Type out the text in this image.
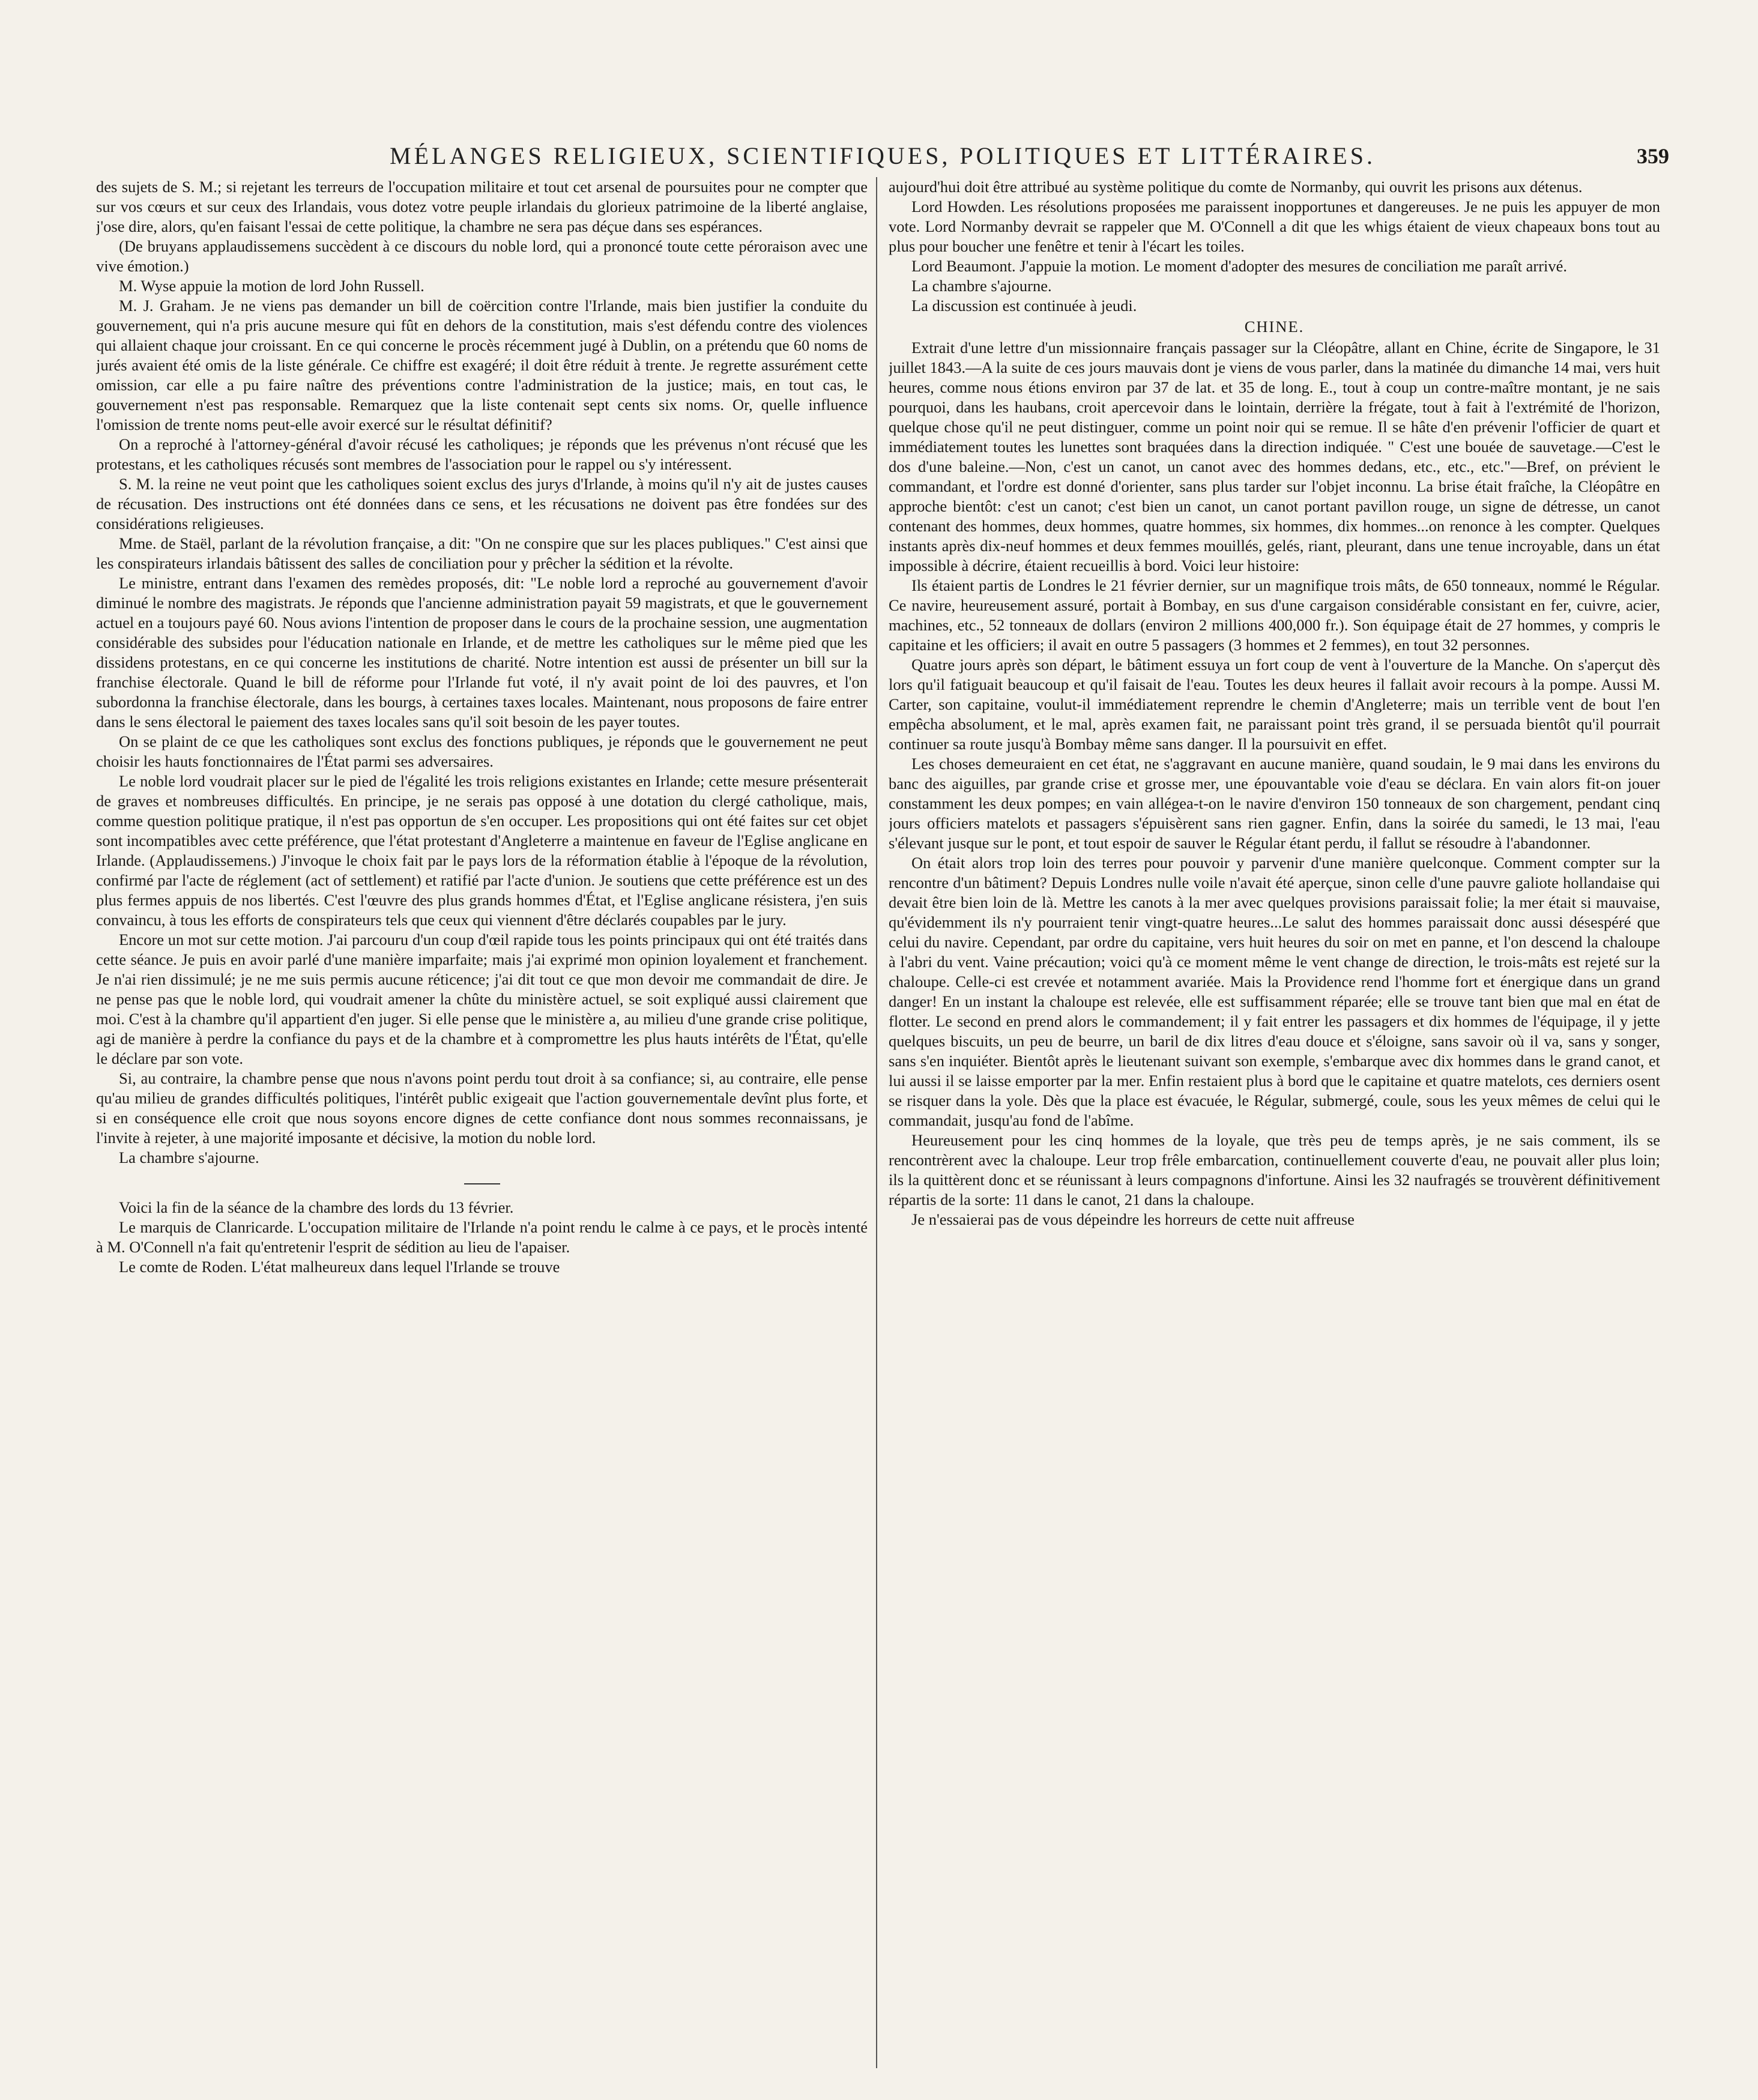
MÉLANGES RELIGIEUX, SCIENTIFIQUES, POLITIQUES ET LITTÉRAIRES.	359

des sujets de S. M.; si rejetant les terreurs de l'occupation militaire et tout cet arsenal de poursuites pour ne compter que sur vos cœurs et sur ceux des Irlandais, vous dotez votre peuple irlandais du glorieux patrimoine de la liberté anglaise, j'ose dire, alors, qu'en faisant l'essai de cette politique, la chambre ne sera pas déçue dans ses espérances.

(De bruyans applaudissemens succèdent à ce discours du noble lord, qui a prononcé toute cette péroraison avec une vive émotion.)

M. Wyse appuie la motion de lord John Russell.

M. J. Graham. Je ne viens pas demander un bill de coërcition contre l'Irlande, mais bien justifier la conduite du gouvernement, qui n'a pris aucune mesure qui fût en dehors de la constitution, mais s'est défendu contre des violences qui allaient chaque jour croissant. En ce qui concerne le procès récemment jugé à Dublin, on a prétendu que 60 noms de jurés avaient été omis de la liste générale. Ce chiffre est exagéré; il doit être réduit à trente. Je regrette assurément cette omission, car elle a pu faire naître des préventions contre l'administration de la justice; mais, en tout cas, le gouvernement n'est pas responsable. Remarquez que la liste contenait sept cents six noms. Or, quelle influence l'omission de trente noms peut-elle avoir exercé sur le résultat définitif?

On a reproché à l'attorney-général d'avoir récusé les catholiques; je réponds que les prévenus n'ont récusé que les protestans, et les catholiques récusés sont membres de l'association pour le rappel ou s'y intéressent.

S. M. la reine ne veut point que les catholiques soient exclus des jurys d'Irlande, à moins qu'il n'y ait de justes causes de récusation. Des instructions ont été données dans ce sens, et les récusations ne doivent pas être fondées sur des considérations religieuses.

Mme. de Staël, parlant de la révolution française, a dit: "On ne conspire que sur les places publiques." C'est ainsi que les conspirateurs irlandais bâtissent des salles de conciliation pour y prêcher la sédition et la révolte.

Le ministre, entrant dans l'examen des remèdes proposés, dit: "Le noble lord a reproché au gouvernement d'avoir diminué le nombre des magistrats. Je réponds que l'ancienne administration payait 59 magistrats, et que le gouvernement actuel en a toujours payé 60. Nous avions l'intention de proposer dans le cours de la prochaine session, une augmentation considérable des subsides pour l'éducation nationale en Irlande, et de mettre les catholiques sur le même pied que les dissidens protestans, en ce qui concerne les institutions de charité. Notre intention est aussi de présenter un bill sur la franchise électorale. Quand le bill de réforme pour l'Irlande fut voté, il n'y avait point de loi des pauvres, et l'on subordonna la franchise électorale, dans les bourgs, à certaines taxes locales. Maintenant, nous proposons de faire entrer dans le sens électoral le paiement des taxes locales sans qu'il soit besoin de les payer toutes.

On se plaint de ce que les catholiques sont exclus des fonctions publiques, je réponds que le gouvernement ne peut choisir les hauts fonctionnaires de l'État parmi ses adversaires.

Le noble lord voudrait placer sur le pied de l'égalité les trois religions existantes en Irlande; cette mesure présenterait de graves et nombreuses difficultés. En principe, je ne serais pas opposé à une dotation du clergé catholique, mais, comme question politique pratique, il n'est pas opportun de s'en occuper. Les propositions qui ont été faites sur cet objet sont incompatibles avec cette préférence, que l'état protestant d'Angleterre a maintenue en faveur de l'Eglise anglicane en Irlande. (Applaudissemens.) J'invoque le choix fait par le pays lors de la réformation établie à l'époque de la révolution, confirmé par l'acte de réglement (act of settlement) et ratifié par l'acte d'union. Je soutiens que cette préférence est un des plus fermes appuis de nos libertés. C'est l'œuvre des plus grands hommes d'État, et l'Eglise anglicane résistera, j'en suis convaincu, à tous les efforts de conspirateurs tels que ceux qui viennent d'être déclarés coupables par le jury.

Encore un mot sur cette motion. J'ai parcouru d'un coup d'œil rapide tous les points principaux qui ont été traités dans cette séance. Je puis en avoir parlé d'une manière imparfaite; mais j'ai exprimé mon opinion loyalement et franchement. Je n'ai rien dissimulé; je ne me suis permis aucune réticence; j'ai dit tout ce que mon devoir me commandait de dire. Je ne pense pas que le noble lord, qui voudrait amener la chûte du ministère actuel, se soit expliqué aussi clairement que moi. C'est à la chambre qu'il appartient d'en juger. Si elle pense que le ministère a, au milieu d'une grande crise politique, agi de manière à perdre la confiance du pays et de la chambre et à compromettre les plus hauts intérêts de l'État, qu'elle le déclare par son vote.

Si, au contraire, la chambre pense que nous n'avons point perdu tout droit à sa confiance; si, au contraire, elle pense qu'au milieu de grandes difficultés politiques, l'intérêt public exigeait que l'action gouvernementale devînt plus forte, et si en conséquence elle croit que nous soyons encore dignes de cette confiance dont nous sommes reconnaissans, je l'invite à rejeter, à une majorité imposante et décisive, la motion du noble lord.

La chambre s'ajourne.

Voici la fin de la séance de la chambre des lords du 13 février.

Le marquis de Clanricarde. L'occupation militaire de l'Irlande n'a point rendu le calme à ce pays, et le procès intenté à M. O'Connell n'a fait qu'entretenir l'esprit de sédition au lieu de l'apaiser.

Le comte de Roden. L'état malheureux dans lequel l'Irlande se trouve

aujourd'hui doit être attribué au système politique du comte de Normanby, qui ouvrit les prisons aux détenus.

Lord Howden. Les résolutions proposées me paraissent inopportunes et dangereuses. Je ne puis les appuyer de mon vote. Lord Normanby devrait se rappeler que M. O'Connell a dit que les whigs étaient de vieux chapeaux bons tout au plus pour boucher une fenêtre et tenir à l'écart les toiles.

Lord Beaumont. J'appuie la motion. Le moment d'adopter des mesures de conciliation me paraît arrivé.

La chambre s'ajourne.

La discussion est continuée à jeudi.

CHINE.

Extrait d'une lettre d'un missionnaire français passager sur la Cléopâtre, allant en Chine, écrite de Singapore, le 31 juillet 1843.—A la suite de ces jours mauvais dont je viens de vous parler, dans la matinée du dimanche 14 mai, vers huit heures, comme nous étions environ par 37 de lat. et 35 de long. E., tout à coup un contre-maître montant, je ne sais pourquoi, dans les haubans, croit apercevoir dans le lointain, derrière la frégate, tout à fait à l'extrémité de l'horizon, quelque chose qu'il ne peut distinguer, comme un point noir qui se remue. Il se hâte d'en prévenir l'officier de quart et immédiatement toutes les lunettes sont braquées dans la direction indiquée. " C'est une bouée de sauvetage.—C'est le dos d'une baleine.—Non, c'est un canot, un canot avec des hommes dedans, etc., etc., etc."—Bref, on prévient le commandant, et l'ordre est donné d'orienter, sans plus tarder sur l'objet inconnu. La brise était fraîche, la Cléopâtre en approche bientôt: c'est un canot; c'est bien un canot, un canot portant pavillon rouge, un signe de détresse, un canot contenant des hommes, deux hommes, quatre hommes, six hommes, dix hommes...on renonce à les compter. Quelques instants après dix-neuf hommes et deux femmes mouillés, gelés, riant, pleurant, dans une tenue incroyable, dans un état impossible à décrire, étaient recueillis à bord. Voici leur histoire:

Ils étaient partis de Londres le 21 février dernier, sur un magnifique trois mâts, de 650 tonneaux, nommé le Régular. Ce navire, heureusement assuré, portait à Bombay, en sus d'une cargaison considérable consistant en fer, cuivre, acier, machines, etc., 52 tonneaux de dollars (environ 2 millions 400,000 fr.). Son équipage était de 27 hommes, y compris le capitaine et les officiers; il avait en outre 5 passagers (3 hommes et 2 femmes), en tout 32 personnes.

Quatre jours après son départ, le bâtiment essuya un fort coup de vent à l'ouverture de la Manche. On s'aperçut dès lors qu'il fatiguait beaucoup et qu'il faisait de l'eau. Toutes les deux heures il fallait avoir recours à la pompe. Aussi M. Carter, son capitaine, voulut-il immédiatement reprendre le chemin d'Angleterre; mais un terrible vent de bout l'en empêcha absolument, et le mal, après examen fait, ne paraissant point très grand, il se persuada bientôt qu'il pourrait continuer sa route jusqu'à Bombay même sans danger. Il la poursuivit en effet.

Les choses demeuraient en cet état, ne s'aggravant en aucune manière, quand soudain, le 9 mai dans les environs du banc des aiguilles, par grande crise et grosse mer, une épouvantable voie d'eau se déclara. En vain alors fit-on jouer constamment les deux pompes; en vain allégea-t-on le navire d'environ 150 tonneaux de son chargement, pendant cinq jours officiers matelots et passagers s'épuisèrent sans rien gagner. Enfin, dans la soirée du samedi, le 13 mai, l'eau s'élevant jusque sur le pont, et tout espoir de sauver le Régular étant perdu, il fallut se résoudre à l'abandonner.

On était alors trop loin des terres pour pouvoir y parvenir d'une manière quelconque. Comment compter sur la rencontre d'un bâtiment? Depuis Londres nulle voile n'avait été aperçue, sinon celle d'une pauvre galiote hollandaise qui devait être bien loin de là. Mettre les canots à la mer avec quelques provisions paraissait folie; la mer était si mauvaise, qu'évidemment ils n'y pourraient tenir vingt-quatre heures...Le salut des hommes paraissait donc aussi désespéré que celui du navire. Cependant, par ordre du capitaine, vers huit heures du soir on met en panne, et l'on descend la chaloupe à l'abri du vent. Vaine précaution; voici qu'à ce moment même le vent change de direction, le trois-mâts est rejeté sur la chaloupe. Celle-ci est crevée et notamment avariée. Mais la Providence rend l'homme fort et énergique dans un grand danger! En un instant la chaloupe est relevée, elle est suffisamment réparée; elle se trouve tant bien que mal en état de flotter. Le second en prend alors le commandement; il y fait entrer les passagers et dix hommes de l'équipage, il y jette quelques biscuits, un peu de beurre, un baril de dix litres d'eau douce et s'éloigne, sans savoir où il va, sans y songer, sans s'en inquiéter. Bientôt après le lieutenant suivant son exemple, s'embarque avec dix hommes dans le grand canot, et lui aussi il se laisse emporter par la mer. Enfin restaient plus à bord que le capitaine et quatre matelots, ces derniers osent se risquer dans la yole. Dès que la place est évacuée, le Régular, submergé, coule, sous les yeux mêmes de celui qui le commandait, jusqu'au fond de l'abîme.

Heureusement pour les cinq hommes de la loyale, que très peu de temps après, je ne sais comment, ils se rencontrèrent avec la chaloupe. Leur trop frêle embarcation, continuellement couverte d'eau, ne pouvait aller plus loin; ils la quittèrent donc et se réunissant à leurs compagnons d'infortune. Ainsi les 32 naufragés se trouvèrent définitivement répartis de la sorte: 11 dans le canot, 21 dans la chaloupe.

Je n'essaierai pas de vous dépeindre les horreurs de cette nuit affreuse
